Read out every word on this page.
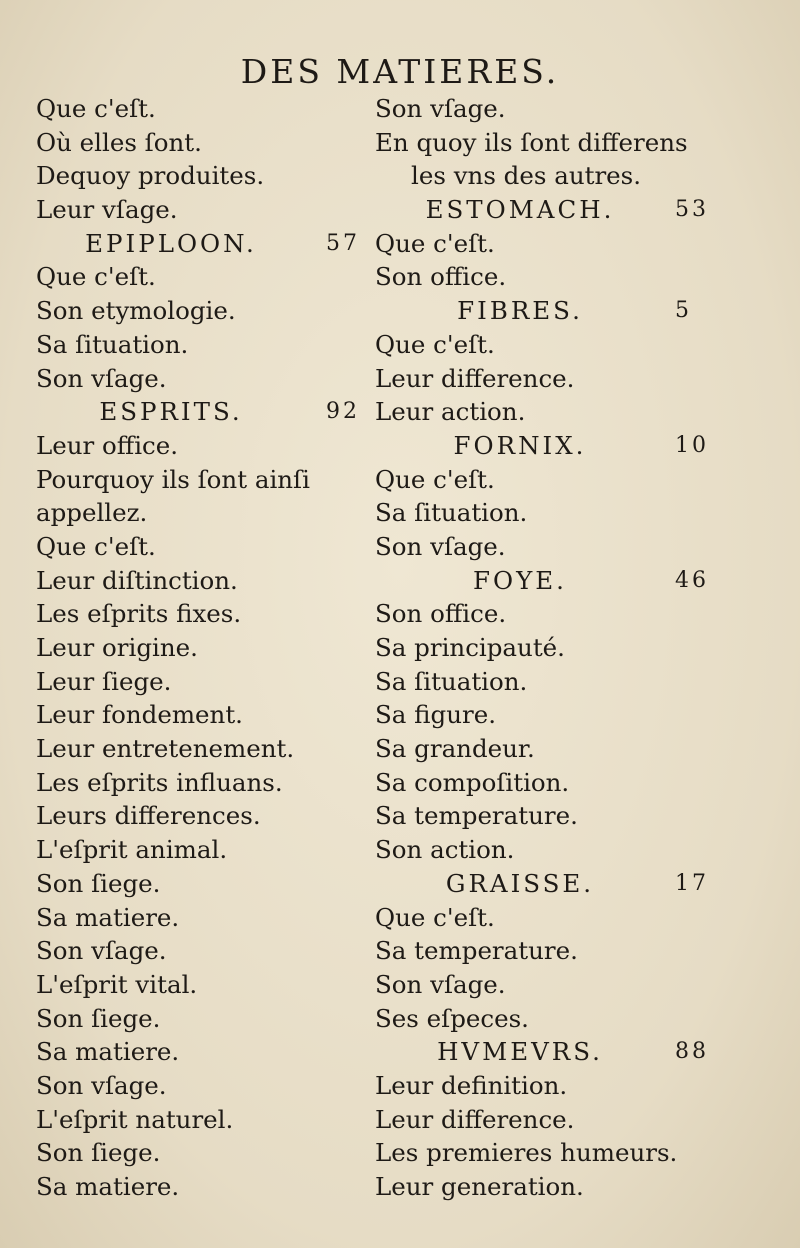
DES MATIERES.
Que c'eſt.
Où elles ſont.
Dequoy produites.
Leur vſage.
EPIPLOON.	57
Que c'eſt.
Son etymologie.
Sa ſituation.
Son vſage.
ESPRITS.	92
Leur office.
Pourquoy ils ſont ainſi
appellez.
Que c'eſt.
Leur diſtinction.
Les eſprits fixes.
Leur origine.
Leur ſiege.
Leur fondement.
Leur entretenement.
Les eſprits influans.
Leurs differences.
L'eſprit animal.
Son ſiege.
Sa matiere.
Son vſage.
L'eſprit vital.
Son ſiege.
Sa matiere.
Son vſage.
L'eſprit naturel.
Son ſiege.
Sa matiere.
Son vſage.
En quoy ils ſont differens
les vns des autres.
ESTOMACH.	53
Que c'eſt.
Son office.
FIBRES.	5
Que c'eſt.
Leur difference.
Leur action.
FORNIX.	10
Que c'eſt.
Sa ſituation.
Son vſage.
FOYE.	46
Son office.
Sa principauté.
Sa ſituation.
Sa figure.
Sa grandeur.
Sa compoſition.
Sa temperature.
Son action.
GRAISSE.	17
Que c'eſt.
Sa temperature.
Son vſage.
Ses eſpeces.
HVMEVRS.	88
Leur definition.
Leur difference.
Les premieres humeurs.
Leur generation.
